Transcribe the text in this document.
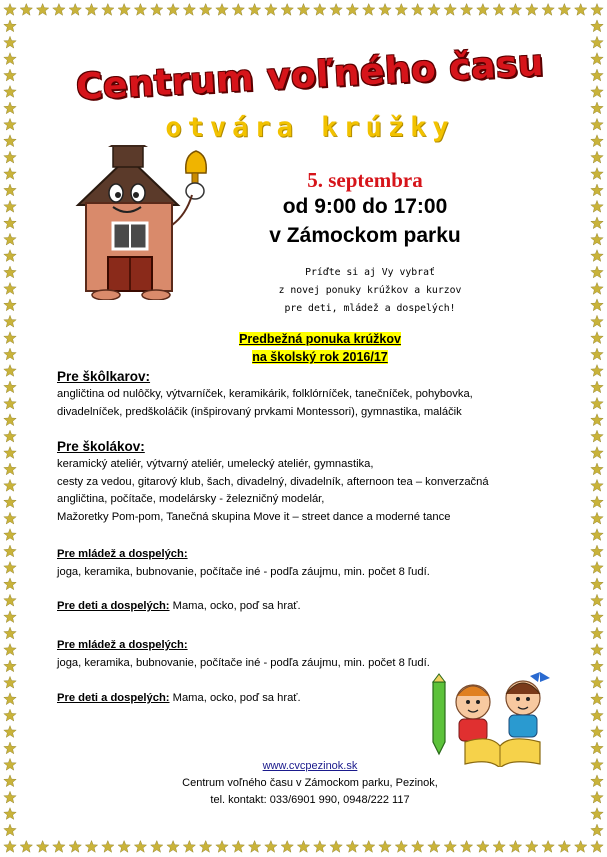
Centrum voľného času
otvára krúžky
5. septembra
od 9:00 do 17:00
v Zámockom parku
Príďte si aj Vy vybrať
z novej ponuky krúžkov a kurzov
pre deti, mládež a dospelých!
Predbežná ponuka krúžkov
na školský rok 2016/17
Pre škôlkarov:
angličtina od nulôčky, výtvarníček, keramikárik, folklórníček, tanečníček, pohybovka,
divadelníček, predškoláčik (inšpirovaný prvkami Montessori), gymnastika, maláčik
Pre školákov:
keramický ateliér, výtvarný ateliér, umelecký ateliér, gymnastika,
cesty za vedou, gitarový klub, šach, divadelný, divadelník, afternoon tea – konverzačná
angličtina, počítače, modelársky - železničný modelár,
Mažoretky Pom-pom, Tanečná skupina Move it – street dance a moderné tance
Pre mládež a dospelých:
joga, keramika, bubnovanie, počítače iné - podľa záujmu, min. počet 8 ľudí.
Pre deti a dospelých: Mama, ocko, poď sa hrať.
Pre mládež a dospelých:
joga, keramika, bubnovanie, počítače iné - podľa záujmu, min. počet 8 ľudí.
Pre deti a dospelých: Mama, ocko, poď sa hrať.
www.cvcpezinok.sk
Centrum voľného času v Zámockom parku, Pezinok,
tel. kontakt: 033/6901 990, 0948/222 117
